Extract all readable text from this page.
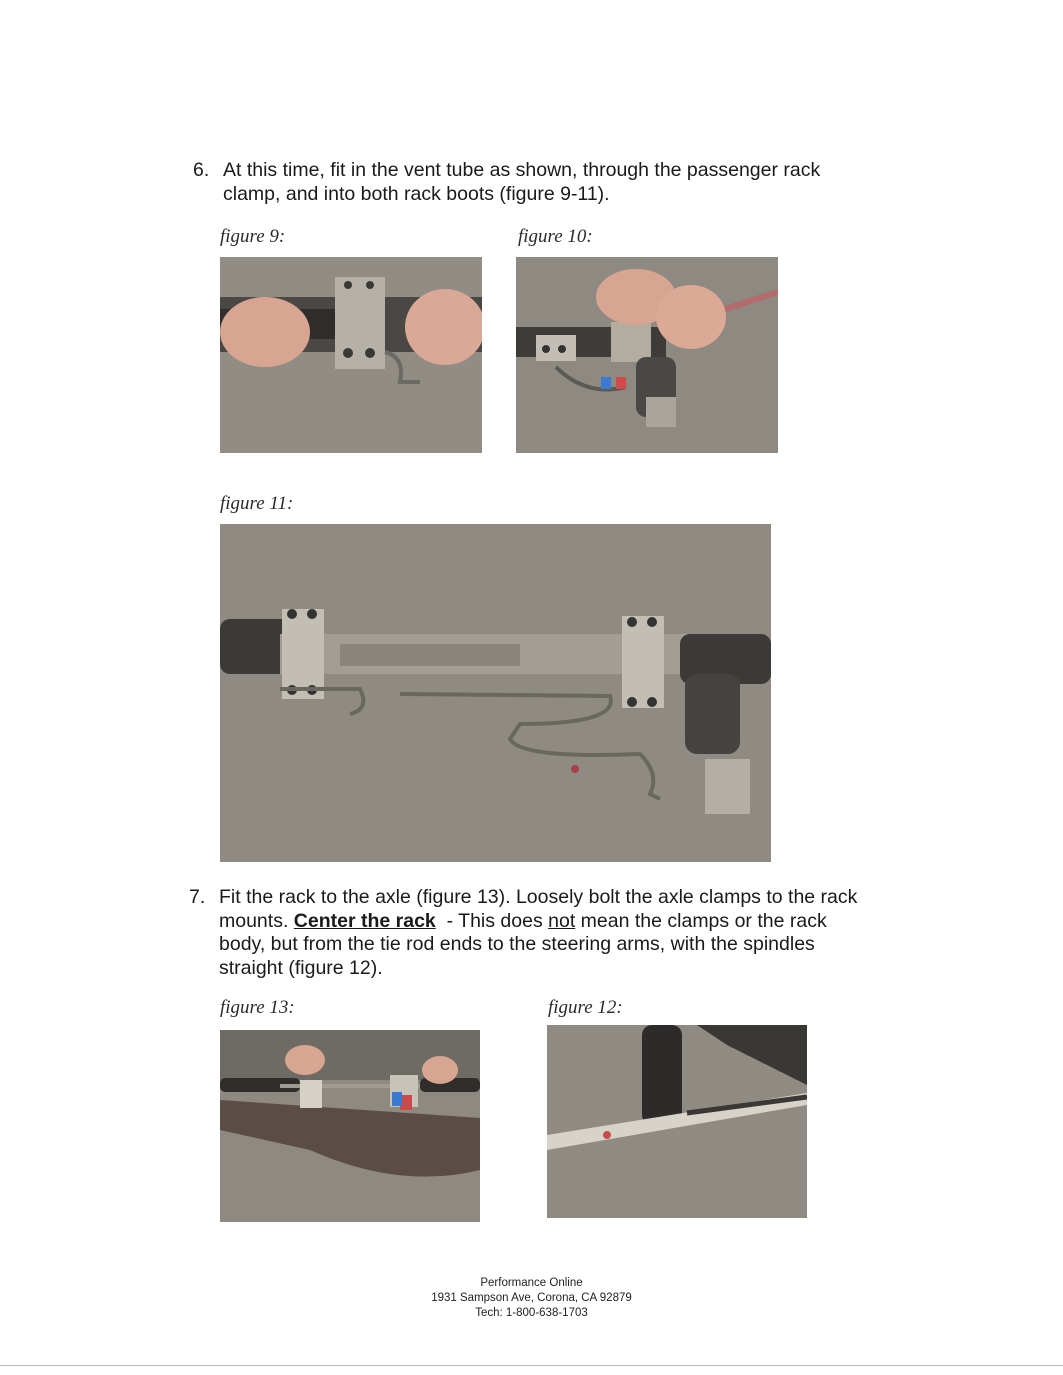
6. At this time, fit in the vent tube as shown, through the passenger rack
clamp, and into both rack boots (figure 9-11).
figure 9:	figure 10:
figure 11:
7. Fit the rack to the axle (figure 13). Loosely bolt the axle clamps to the rack
mounts. Center the rack  - This does not mean the clamps or the rack
body, but from the tie rod ends to the steering arms, with the spindles
straight (figure 12).
figure 13:	figure 12:
Performance Online
1931 Sampson Ave, Corona, CA 92879
Tech: 1-800-638-1703
